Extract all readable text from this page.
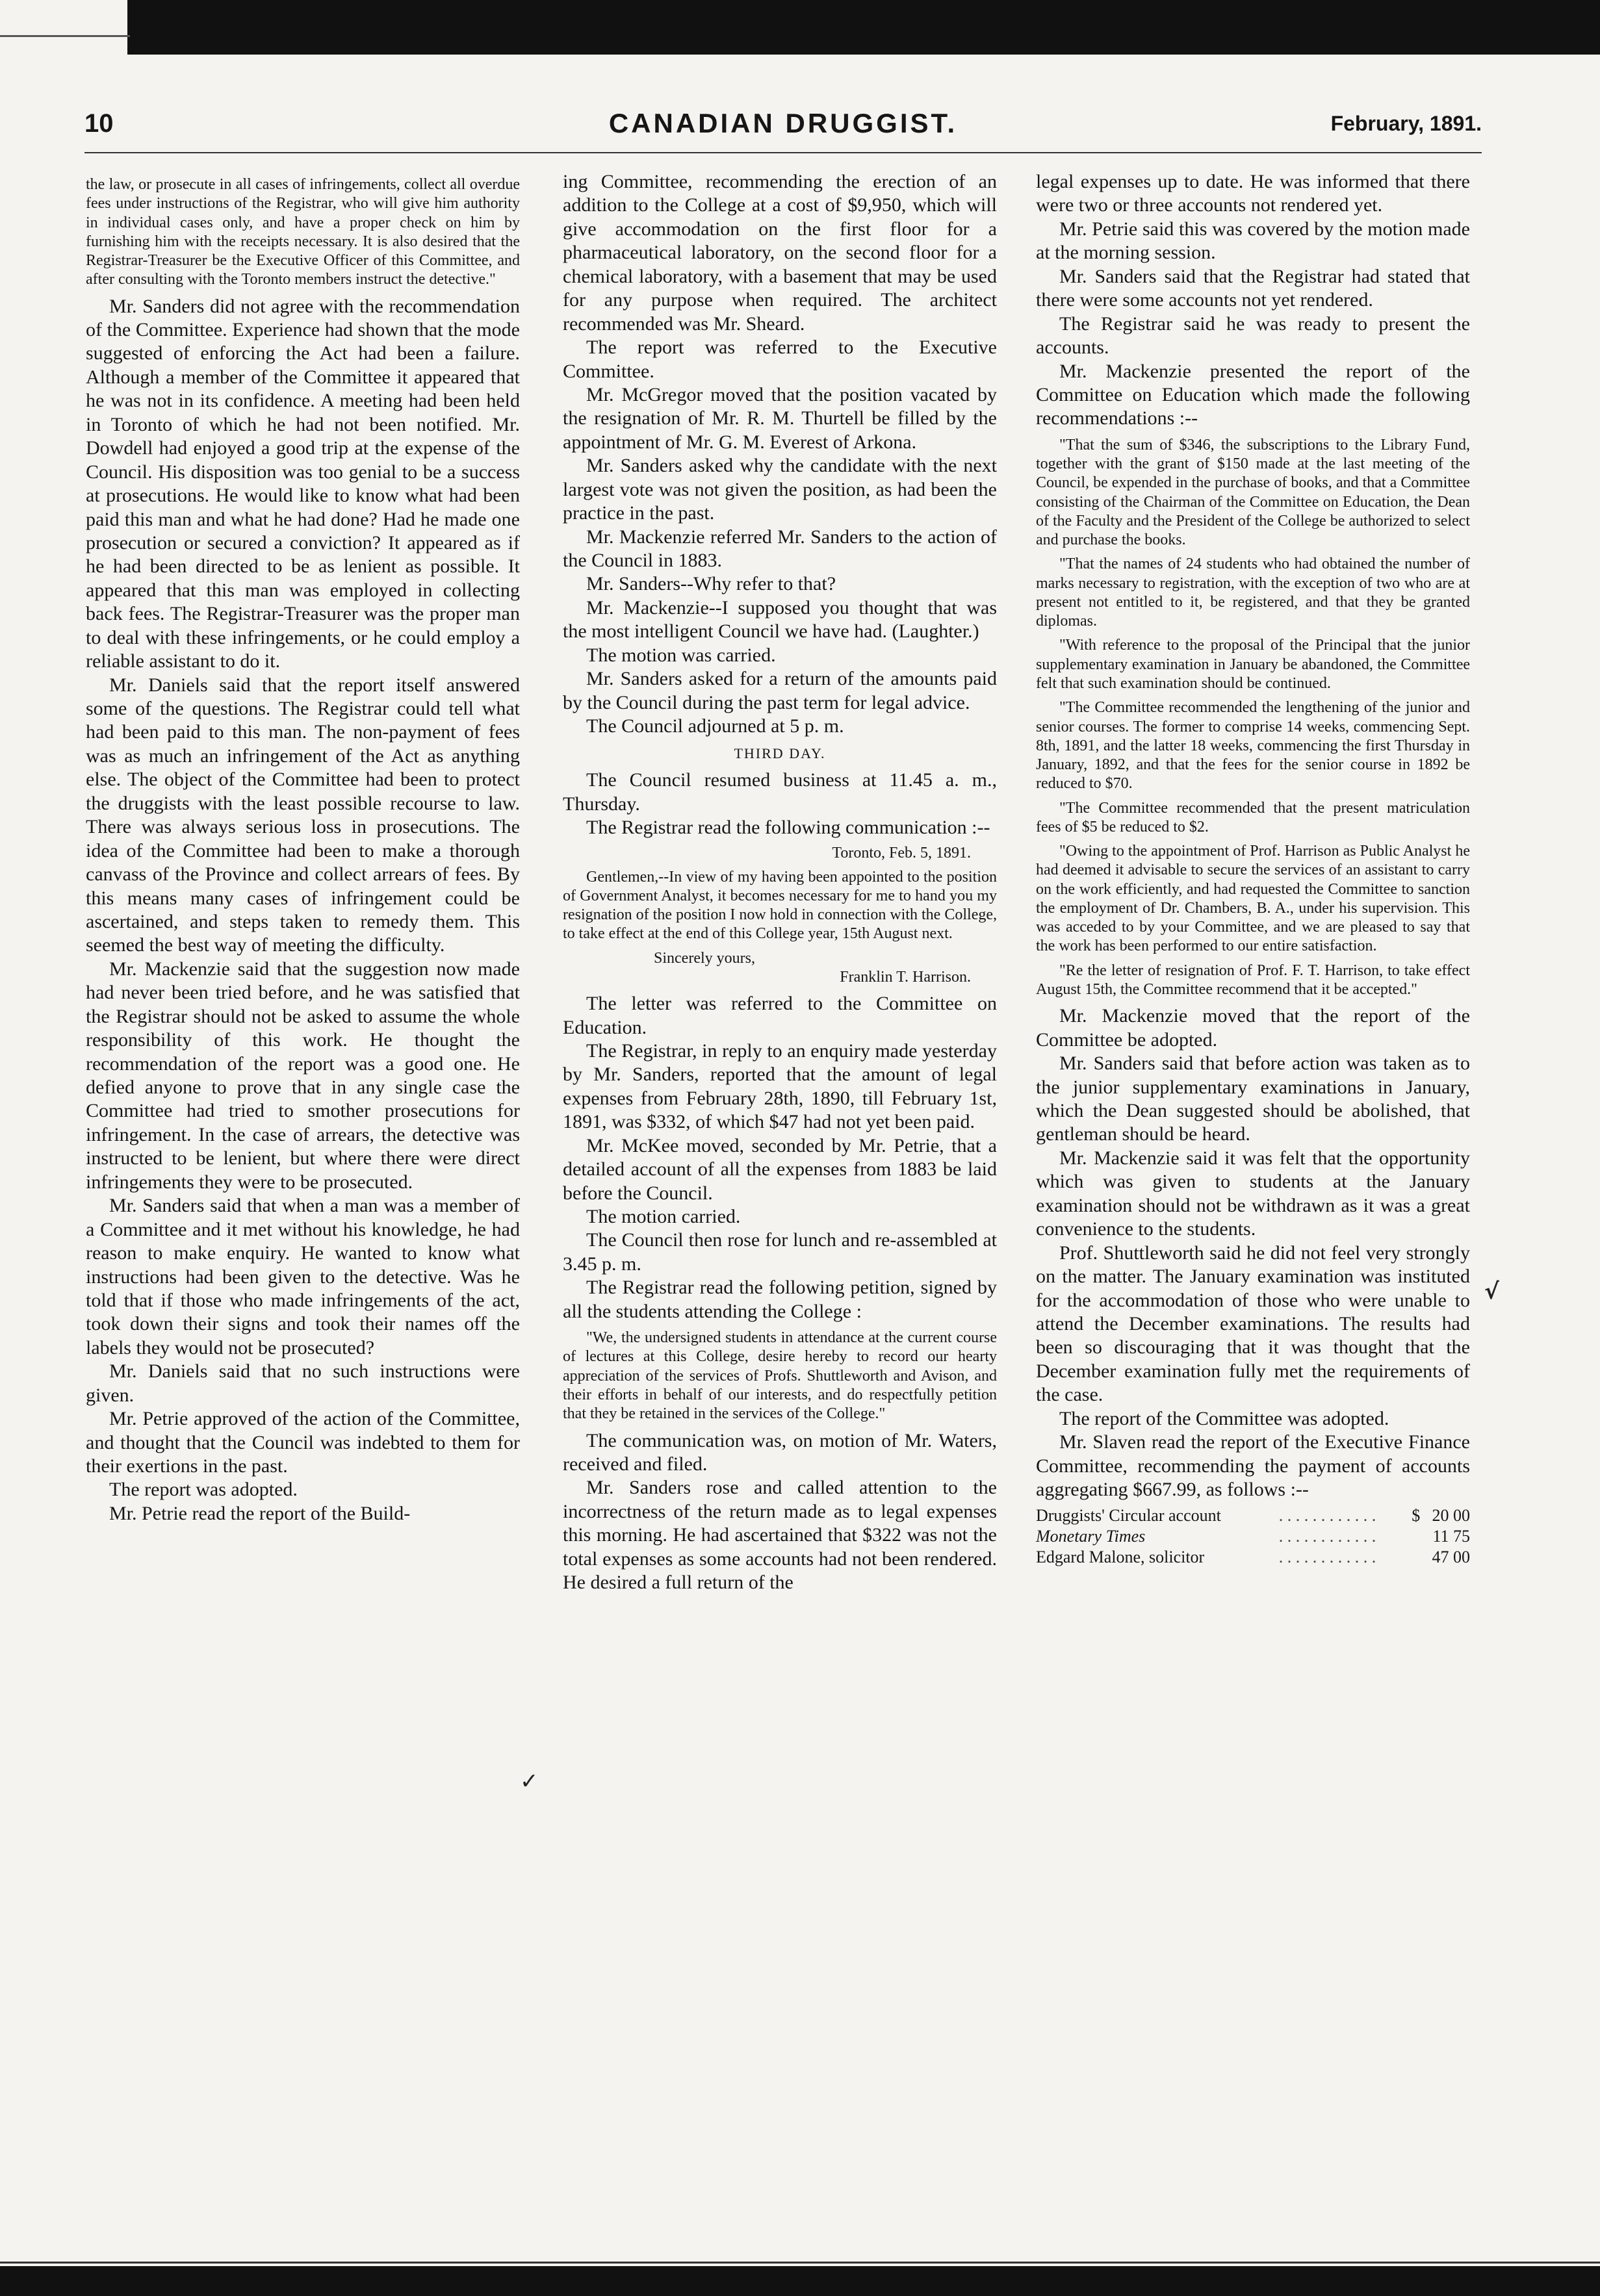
10	CANADIAN DRUGGIST.	February, 1891.

the law, or prosecute in all cases of infringements, collect all overdue fees under instructions of the Registrar, who will give him authority in individual cases only, and have a proper check on him by furnishing him with the receipts necessary. It is also desired that the Registrar-Treasurer be the Executive Officer of this Committee, and after consulting with the Toronto members instruct the detective."

Mr. Sanders did not agree with the recommendation of the Committee. Experience had shown that the mode suggested of enforcing the Act had been a failure. Although a member of the Committee it appeared that he was not in its confidence. A meeting had been held in Toronto of which he had not been notified. Mr. Dowdell had enjoyed a good trip at the expense of the Council. His disposition was too genial to be a success at prosecutions. He would like to know what had been paid this man and what he had done? Had he made one prosecution or secured a conviction? It appeared as if he had been directed to be as lenient as possible. It appeared that this man was employed in collecting back fees. The Registrar-Treasurer was the proper man to deal with these infringements, or he could employ a reliable assistant to do it.

Mr. Daniels said that the report itself answered some of the questions. The Registrar could tell what had been paid to this man. The non-payment of fees was as much an infringement of the Act as anything else. The object of the Committee had been to protect the druggists with the least possible recourse to law. There was always serious loss in prosecutions. The idea of the Committee had been to make a thorough canvass of the Province and collect arrears of fees. By this means many cases of infringement could be ascertained, and steps taken to remedy them. This seemed the best way of meeting the difficulty.

Mr. Mackenzie said that the suggestion now made had never been tried before, and he was satisfied that the Registrar should not be asked to assume the whole responsibility of this work. He thought the recommendation of the report was a good one. He defied anyone to prove that in any single case the Committee had tried to smother prosecutions for infringement. In the case of arrears, the detective was instructed to be lenient, but where there were direct infringements they were to be prosecuted.

Mr. Sanders said that when a man was a member of a Committee and it met without his knowledge, he had reason to make enquiry. He wanted to know what instructions had been given to the detective. Was he told that if those who made infringements of the act, took down their signs and took their names off the labels they would not be prosecuted?

Mr. Daniels said that no such instructions were given.

Mr. Petrie approved of the action of the Committee, and thought that the Council was indebted to them for their exertions in the past.

The report was adopted.

Mr. Petrie read the report of the Build-

ing Committee, recommending the erection of an addition to the College at a cost of $9,950, which will give accommodation on the first floor for a pharmaceutical laboratory, on the second floor for a chemical laboratory, with a basement that may be used for any purpose when required. The architect recommended was Mr. Sheard.

The report was referred to the Executive Committee.

Mr. McGregor moved that the position vacated by the resignation of Mr. R. M. Thurtell be filled by the appointment of Mr. G. M. Everest of Arkona.

Mr. Sanders asked why the candidate with the next largest vote was not given the position, as had been the practice in the past.

Mr. Mackenzie referred Mr. Sanders to the action of the Council in 1883.

Mr. Sanders--Why refer to that?

Mr. Mackenzie--I supposed you thought that was the most intelligent Council we have had. (Laughter.)

The motion was carried.

Mr. Sanders asked for a return of the amounts paid by the Council during the past term for legal advice.

The Council adjourned at 5 p. m.

THIRD DAY.

The Council resumed business at 11.45 a. m., Thursday.

The Registrar read the following communication :--

Toronto, Feb. 5, 1891.

Gentlemen,--In view of my having been appointed to the position of Government Analyst, it becomes necessary for me to hand you my resignation of the position I now hold in connection with the College, to take effect at the end of this College year, 15th August next.

Sincerely yours,

Franklin T. Harrison.

The letter was referred to the Committee on Education.

The Registrar, in reply to an enquiry made yesterday by Mr. Sanders, reported that the amount of legal expenses from February 28th, 1890, till February 1st, 1891, was $332, of which $47 had not yet been paid.

Mr. McKee moved, seconded by Mr. Petrie, that a detailed account of all the expenses from 1883 be laid before the Council.

The motion carried.

The Council then rose for lunch and re-assembled at 3.45 p. m.

The Registrar read the following petition, signed by all the students attending the College :

"We, the undersigned students in attendance at the current course of lectures at this College, desire hereby to record our hearty appreciation of the services of Profs. Shuttleworth and Avison, and their efforts in behalf of our interests, and do respectfully petition that they be retained in the services of the College."

The communication was, on motion of Mr. Waters, received and filed.

Mr. Sanders rose and called attention to the incorrectness of the return made as to legal expenses this morning. He had ascertained that $322 was not the total expenses as some accounts had not been rendered. He desired a full return of the

legal expenses up to date. He was informed that there were two or three accounts not rendered yet.

Mr. Petrie said this was covered by the motion made at the morning session.

Mr. Sanders said that the Registrar had stated that there were some accounts not yet rendered.

The Registrar said he was ready to present the accounts.

Mr. Mackenzie presented the report of the Committee on Education which made the following recommendations :--

"That the sum of $346, the subscriptions to the Library Fund, together with the grant of $150 made at the last meeting of the Council, be expended in the purchase of books, and that a Committee consisting of the Chairman of the Committee on Education, the Dean of the Faculty and the President of the College be authorized to select and purchase the books.

"That the names of 24 students who had obtained the number of marks necessary to registration, with the exception of two who are at present not entitled to it, be registered, and that they be granted diplomas.

"With reference to the proposal of the Principal that the junior supplementary examination in January be abandoned, the Committee felt that such examination should be continued.

"The Committee recommended the lengthening of the junior and senior courses. The former to comprise 14 weeks, commencing Sept. 8th, 1891, and the latter 18 weeks, commencing the first Thursday in January, 1892, and that the fees for the senior course in 1892 be reduced to $70.

"The Committee recommended that the present matriculation fees of $5 be reduced to $2.

"Owing to the appointment of Prof. Harrison as Public Analyst he had deemed it advisable to secure the services of an assistant to carry on the work efficiently, and had requested the Committee to sanction the employment of Dr. Chambers, B. A., under his supervision. This was acceded to by your Committee, and we are pleased to say that the work has been performed to our entire satisfaction.

"Re the letter of resignation of Prof. F. T. Harrison, to take effect August 15th, the Committee recommend that it be accepted."

Mr. Mackenzie moved that the report of the Committee be adopted.

Mr. Sanders said that before action was taken as to the junior supplementary examinations in January, which the Dean suggested should be abolished, that gentleman should be heard.

Mr. Mackenzie said it was felt that the opportunity which was given to students at the January examination should not be withdrawn as it was a great convenience to the students.

Prof. Shuttleworth said he did not feel very strongly on the matter. The January examination was instituted for the accommodation of those who were unable to attend the December examinations. The results had been so discouraging that it was thought that the December examination fully met the requirements of the case.

The report of the Committee was adopted.

Mr. Slaven read the report of the Executive Finance Committee, recommending the payment of accounts aggregating $667.99, as follows :--

Druggists' Circular account	. . . . . . . . . . . .	$	20 00
Monetary Times	. . . . . . . . . . . .		11 75
Edgard Malone, solicitor	. . . . . . . . . . . .		47 00
✓
√
